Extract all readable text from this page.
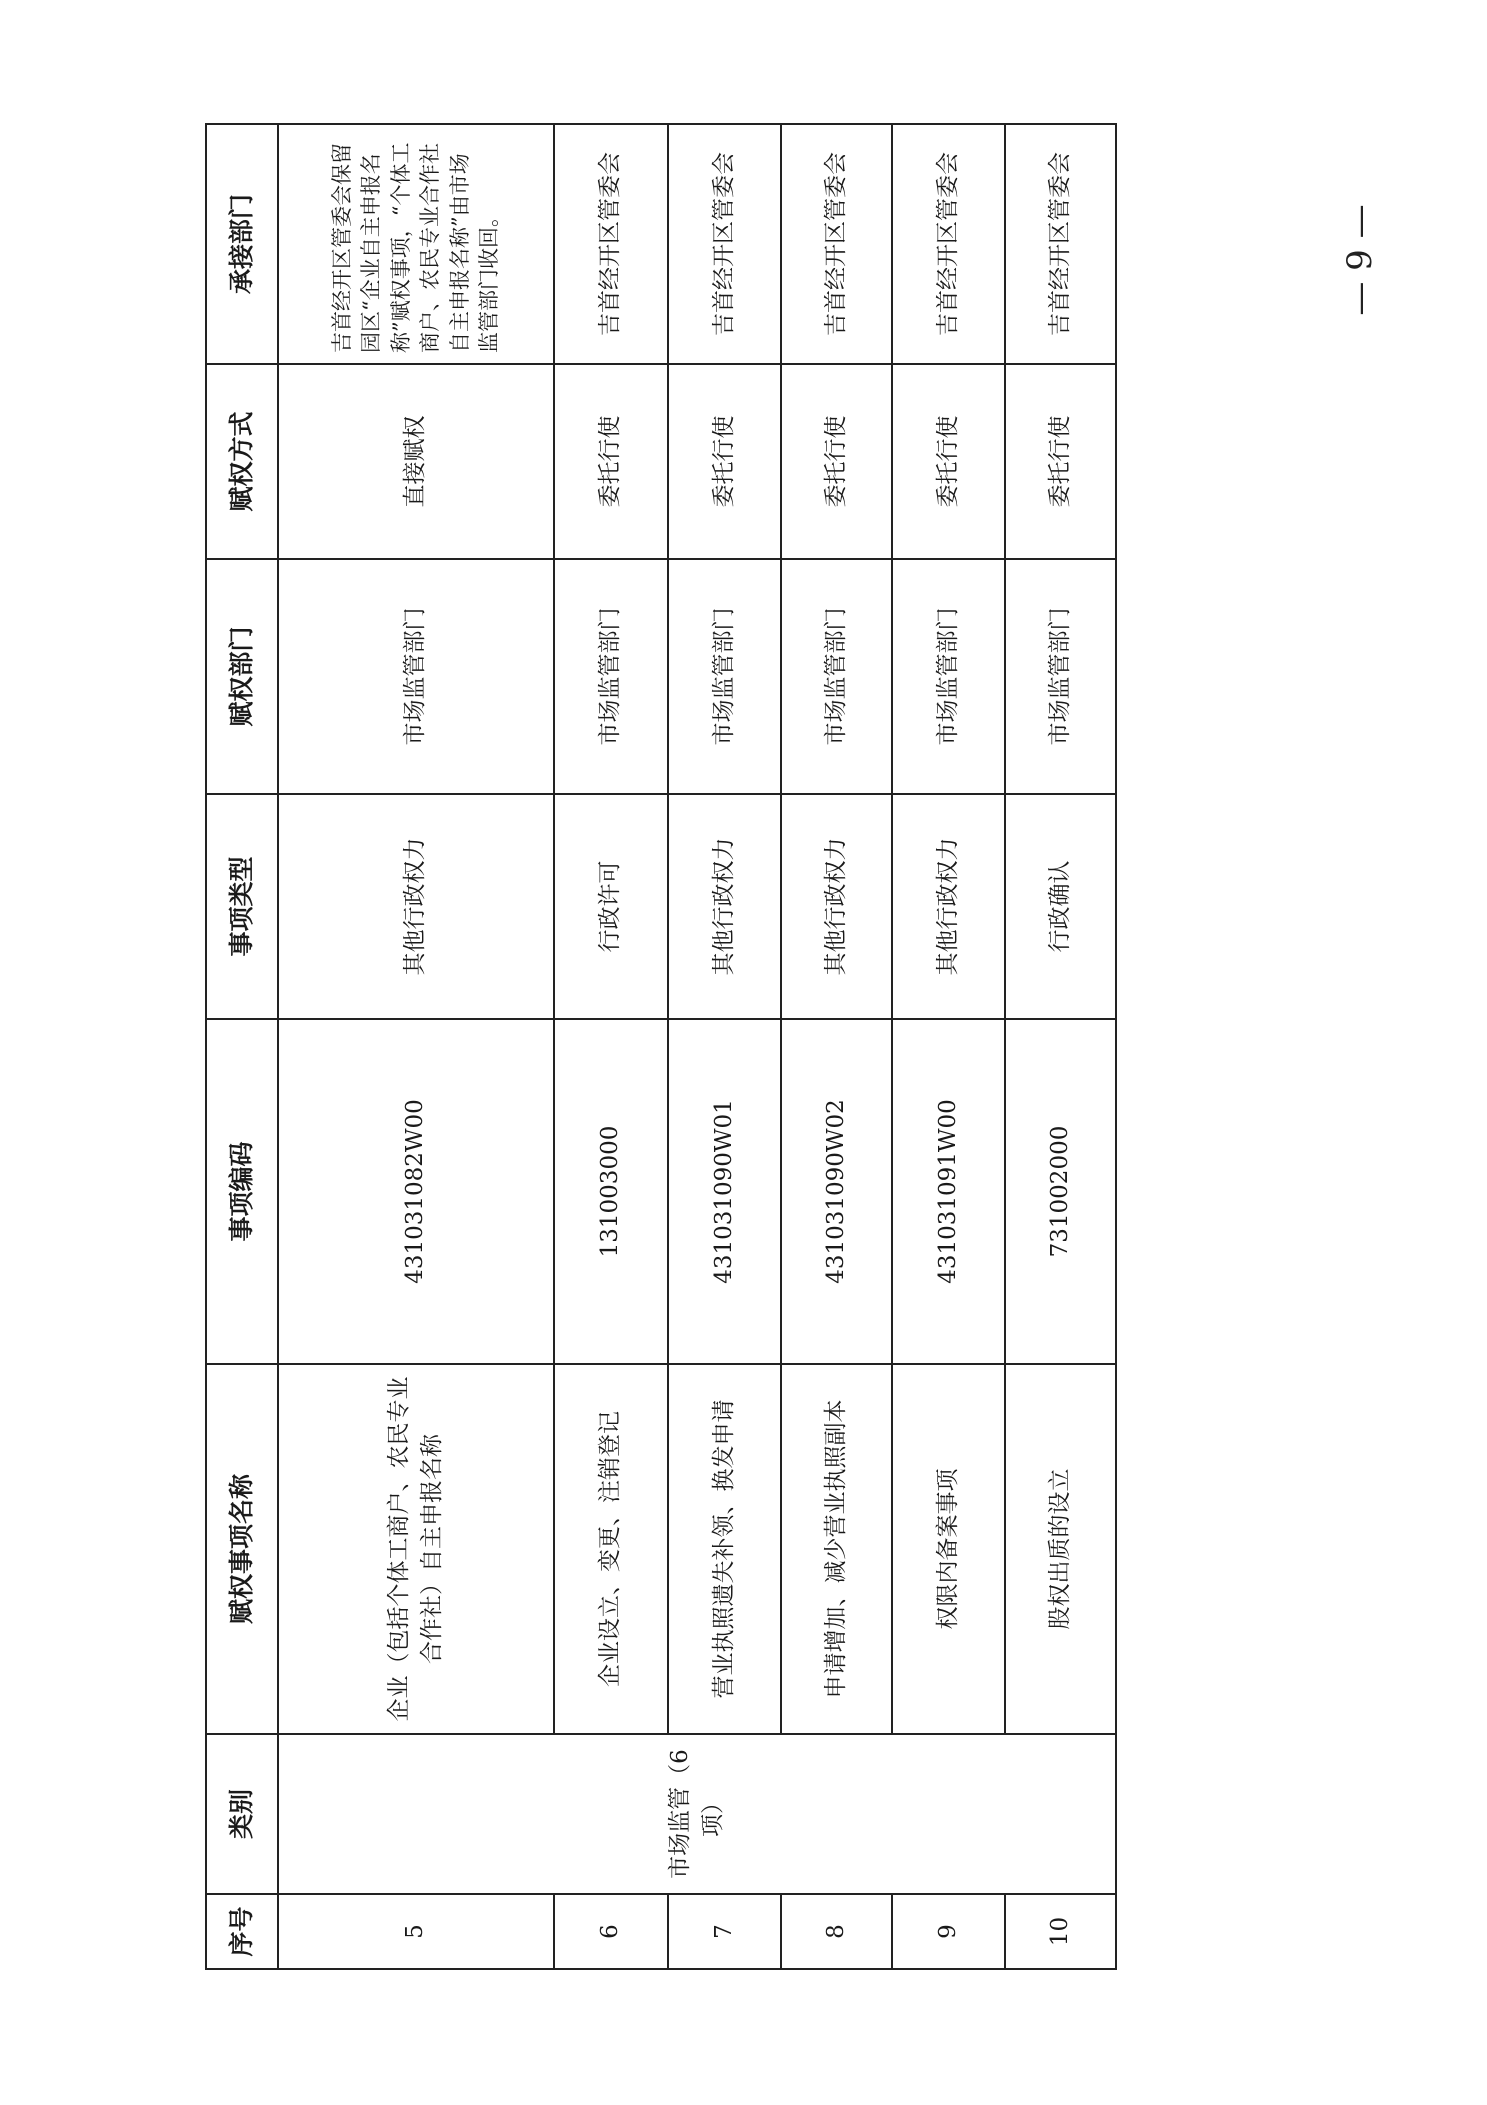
序号	类别	赋权事项名称	事项编码	事项类型	赋权部门	赋权方式	承接部门
5	市场监管（6项）	企业（包括个体工商户、农民专业合作社）自主申报名称	431031082W00	其他行政权力	市场监管部门	直接赋权	吉首经开区管委会保留园区“企业自主申报名称”赋权事项，“个体工商户、农民专业合作社自主申报名称”由市场监管部门收回。
6		企业设立、变更、注销登记	131003000	行政许可	市场监管部门	委托行使	吉首经开区管委会
7		营业执照遗失补领、换发申请	431031090W01	其他行政权力	市场监管部门	委托行使	吉首经开区管委会
8		申请增加、减少营业执照副本	431031090W02	其他行政权力	市场监管部门	委托行使	吉首经开区管委会
9		权限内备案事项	431031091W00	其他行政权力	市场监管部门	委托行使	吉首经开区管委会
10		股权出质的设立	731002000	行政确认	市场监管部门	委托行使	吉首经开区管委会	— 9 —
